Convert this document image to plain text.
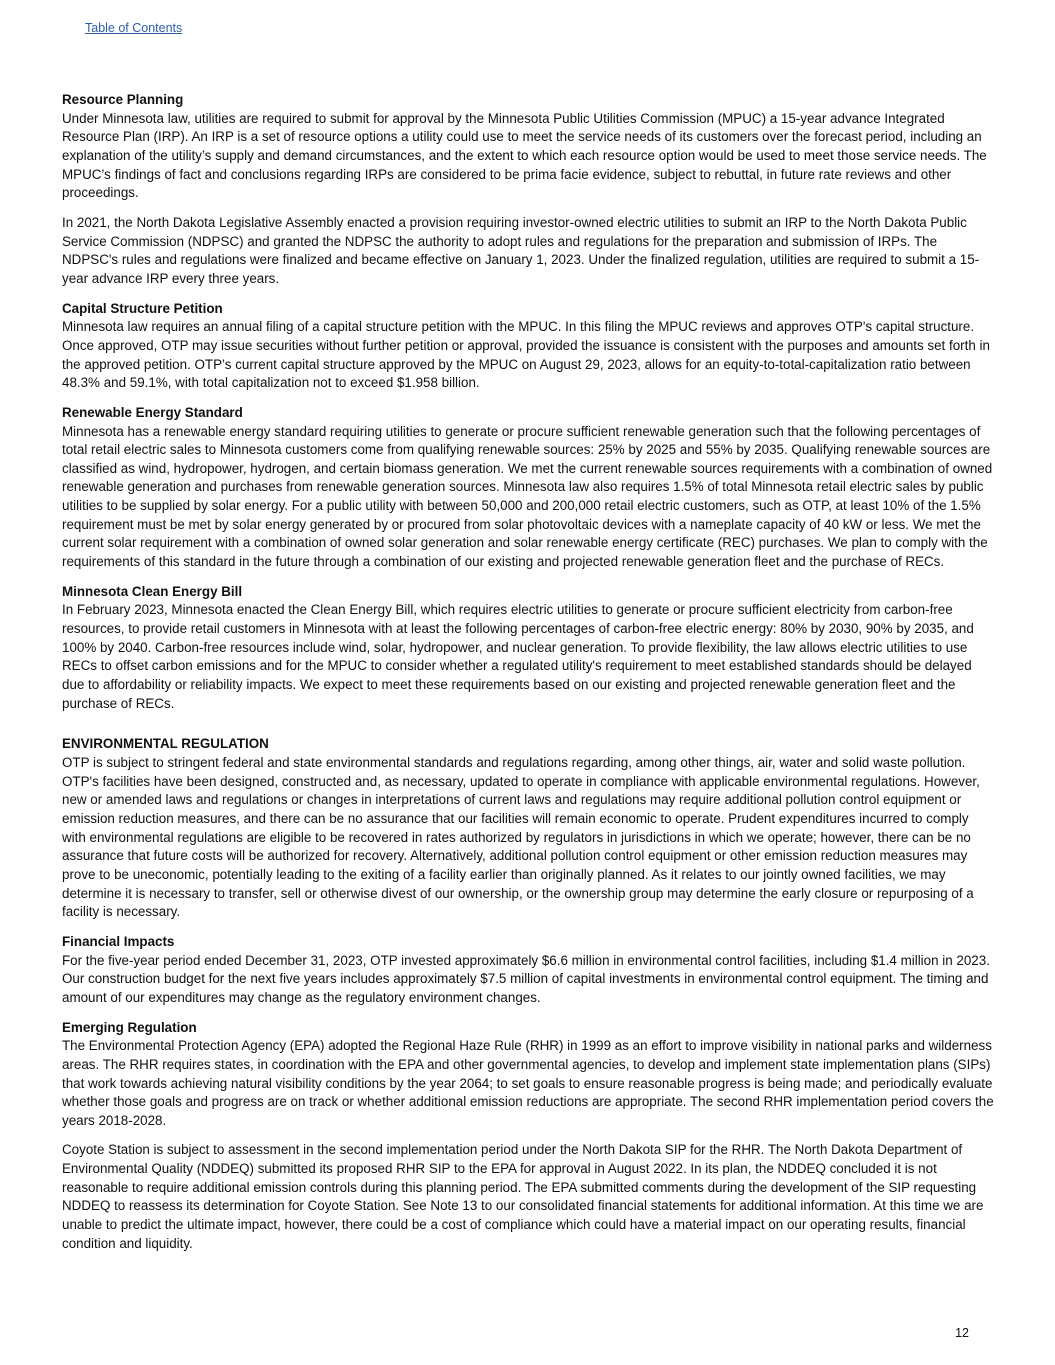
Table of Contents
Resource Planning

Under Minnesota law, utilities are required to submit for approval by the Minnesota Public Utilities Commission (MPUC) a 15-year advance Integrated Resource Plan (IRP). An IRP is a set of resource options a utility could use to meet the service needs of its customers over the forecast period, including an explanation of the utility’s supply and demand circumstances, and the extent to which each resource option would be used to meet those service needs. The MPUC’s findings of fact and conclusions regarding IRPs are considered to be prima facie evidence, subject to rebuttal, in future rate reviews and other proceedings.

In 2021, the North Dakota Legislative Assembly enacted a provision requiring investor-owned electric utilities to submit an IRP to the North Dakota Public Service Commission (NDPSC) and granted the NDPSC the authority to adopt rules and regulations for the preparation and submission of IRPs. The NDPSC's rules and regulations were finalized and became effective on January 1, 2023. Under the finalized regulation, utilities are required to submit a 15-year advance IRP every three years.

Capital Structure Petition

Minnesota law requires an annual filing of a capital structure petition with the MPUC. In this filing the MPUC reviews and approves OTP's capital structure. Once approved, OTP may issue securities without further petition or approval, provided the issuance is consistent with the purposes and amounts set forth in the approved petition. OTP’s current capital structure approved by the MPUC on August 29, 2023, allows for an equity-to-total-capitalization ratio between 48.3% and 59.1%, with total capitalization not to exceed $1.958 billion.

Renewable Energy Standard

Minnesota has a renewable energy standard requiring utilities to generate or procure sufficient renewable generation such that the following percentages of total retail electric sales to Minnesota customers come from qualifying renewable sources: 25% by 2025 and 55% by 2035. Qualifying renewable sources are classified as wind, hydropower, hydrogen, and certain biomass generation. We met the current renewable sources requirements with a combination of owned renewable generation and purchases from renewable generation sources. Minnesota law also requires 1.5% of total Minnesota retail electric sales by public utilities to be supplied by solar energy. For a public utility with between 50,000 and 200,000 retail electric customers, such as OTP, at least 10% of the 1.5% requirement must be met by solar energy generated by or procured from solar photovoltaic devices with a nameplate capacity of 40 kW or less. We met the current solar requirement with a combination of owned solar generation and solar renewable energy certificate (REC) purchases. We plan to comply with the requirements of this standard in the future through a combination of our existing and projected renewable generation fleet and the purchase of RECs.

Minnesota Clean Energy Bill

In February 2023, Minnesota enacted the Clean Energy Bill, which requires electric utilities to generate or procure sufficient electricity from carbon-free resources, to provide retail customers in Minnesota with at least the following percentages of carbon-free electric energy: 80% by 2030, 90% by 2035, and 100% by 2040. Carbon-free resources include wind, solar, hydropower, and nuclear generation. To provide flexibility, the law allows electric utilities to use RECs to offset carbon emissions and for the MPUC to consider whether a regulated utility's requirement to meet established standards should be delayed due to affordability or reliability impacts. We expect to meet these requirements based on our existing and projected renewable generation fleet and the purchase of RECs.

ENVIRONMENTAL REGULATION

OTP is subject to stringent federal and state environmental standards and regulations regarding, among other things, air, water and solid waste pollution. OTP's facilities have been designed, constructed and, as necessary, updated to operate in compliance with applicable environmental regulations. However, new or amended laws and regulations or changes in interpretations of current laws and regulations may require additional pollution control equipment or emission reduction measures, and there can be no assurance that our facilities will remain economic to operate. Prudent expenditures incurred to comply with environmental regulations are eligible to be recovered in rates authorized by regulators in jurisdictions in which we operate; however, there can be no assurance that future costs will be authorized for recovery. Alternatively, additional pollution control equipment or other emission reduction measures may prove to be uneconomic, potentially leading to the exiting of a facility earlier than originally planned. As it relates to our jointly owned facilities, we may determine it is necessary to transfer, sell or otherwise divest of our ownership, or the ownership group may determine the early closure or repurposing of a facility is necessary.

Financial Impacts

For the five-year period ended December 31, 2023, OTP invested approximately $6.6 million in environmental control facilities, including $1.4 million in 2023. Our construction budget for the next five years includes approximately $7.5 million of capital investments in environmental control equipment. The timing and amount of our expenditures may change as the regulatory environment changes.

Emerging Regulation

The Environmental Protection Agency (EPA) adopted the Regional Haze Rule (RHR) in 1999 as an effort to improve visibility in national parks and wilderness areas. The RHR requires states, in coordination with the EPA and other governmental agencies, to develop and implement state implementation plans (SIPs) that work towards achieving natural visibility conditions by the year 2064; to set goals to ensure reasonable progress is being made; and periodically evaluate whether those goals and progress are on track or whether additional emission reductions are appropriate. The second RHR implementation period covers the years 2018-2028.

Coyote Station is subject to assessment in the second implementation period under the North Dakota SIP for the RHR. The North Dakota Department of Environmental Quality (NDDEQ) submitted its proposed RHR SIP to the EPA for approval in August 2022. In its plan, the NDDEQ concluded it is not reasonable to require additional emission controls during this planning period. The EPA submitted comments during the development of the SIP requesting NDDEQ to reassess its determination for Coyote Station. See Note 13 to our consolidated financial statements for additional information. At this time we are unable to predict the ultimate impact, however, there could be a cost of compliance which could have a material impact on our operating results, financial condition and liquidity.

12
